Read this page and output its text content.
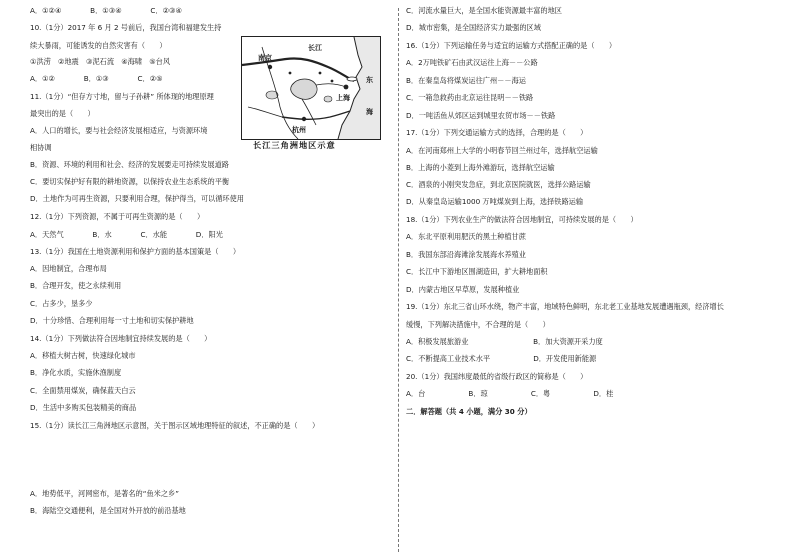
A．①②④　　　　B．①③④　　　　C．②③④
10.（1分）2017 年 6 月 2 号前后，我国台湾和福建发生持
续大暴雨，可能诱发的自然灾害有（　　）
①洪涝　②地震　③泥石流　④海啸　⑤台风
A．①②　　　　B．①③　　　　C．②⑤
11.（1分）“但存方寸地，留与子孙耕” 所体现的地理原理
最突出的是（　　）
A．人口的增长，要与社会经济发展相适应，与资源环境
相协调
B．资源、环境的利用和社会、经济的发展要走可持续发展道路
C．要切实保护好有限的耕地资源，以保持农业生态系统的平衡
D．土地作为可再生资源，只要利用合理，保护得当，可以循环使用
12.（1分）下列资源，不属于可再生资源的是（　　）
A．天然气　　　　B．水　　　　C．水能　　　　D．阳光
13.（1分）我国在土地资源利用和保护方面的基本国策是（　　）
A．因地制宜，合理布局
B．合理开发，使之永续利用
C．占多少，垦多少
D．十分珍惜、合理利用每一寸土地和切实保护耕地
14.（1分）下列做法符合因地制宜持续发展的是（　　）
A．移植大树古树，快速绿化城市
B．净化水质，实施休渔制度
C．全面禁用煤炭，确保蓝天白云
D．生活中多购买包装精美的商品
15.（1分）读长江三角洲地区示意图，关于图示区域地理特征的叙述，不正确的是（　　）
A．地势低平，河网密布，是著名的“鱼米之乡”
B．海陆空交通便利，是全国对外开放的前沿基地
长江
南京
上海
杭州
东
海
长江三角洲地区示意
C．河流水量巨大，是全国水能资源最丰富的地区
D．城市密集，是全国经济实力最强的区域
16.（1分）下列运输任务与适宜的运输方式搭配正确的是（　　）
A．2万吨铁矿石由武汉运往上海－－公路
B．在秦皇岛将煤炭运往广州－－海运
C．一箱急救药由北京运往昆明－－铁路
D．一吨活鱼从郊区运到城里农贸市场－－铁路
17.（1分）下列交通运输方式的选择，合理的是（　　）
A．在河南郑州上大学的小明春节回兰州过年，选择航空运输
B．上海的小菱到上海外滩游玩，选择航空运输
C．酒泉的小刚突发急症，到北京医院就医，选择公路运输
D．从秦皇岛运输1000 万吨煤炭到上海，选择铁路运输
18.（1分）下列农业生产的做法符合因地制宜，可持续发展的是（　　）
A．东北平原利用肥沃的黑土种植甘蔗
B．我国东部沿海滩涂发展海水养殖业
C．长江中下游地区围湖造田，扩大耕地面积
D．内蒙古地区早草原，发展种植业
19.（1分）东北三省山环水绕，物产丰富，地域特色鲜明，东北老工业基地发展遭遇瓶颈，经济增长
缓慢，下列解决措施中，不合理的是（　　）
A．积极发展旅游业　　　　　　　　　B．加大资源开采力度
C．不断提高工业技术水平　　　　　　D．开发使用新能源
20.（1分）我国纬度最低的省级行政区的简称是（　　）
A．台　　　　　　B．琼　　　　　　C．粤　　　　　　D．桂
二．解答题（共 4 小题，满分 30 分）
